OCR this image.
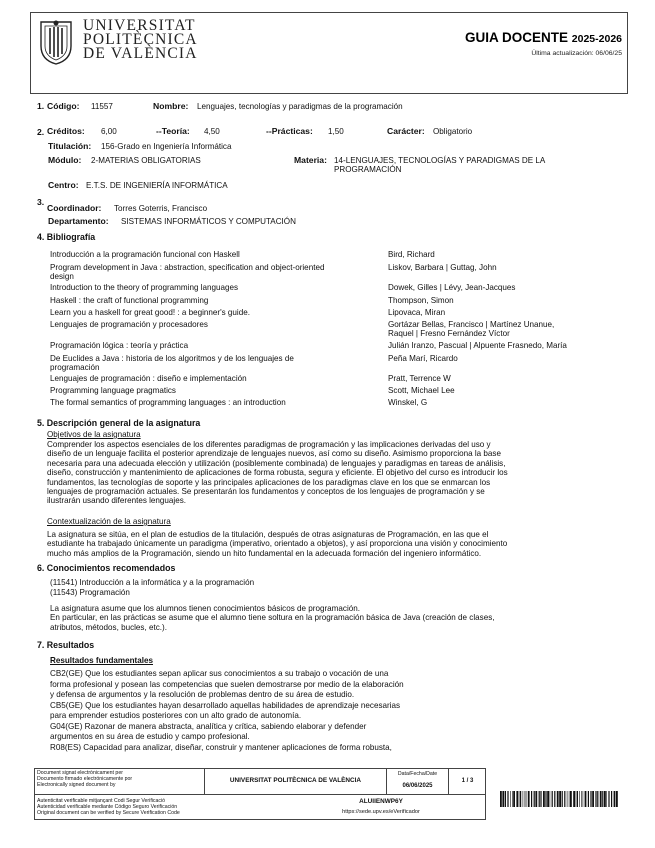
UNIVERSITAT
POLITÈCNICA
DE VALÈNCIA
GUIA DOCENTE 2025-2026
Última actualización: 06/06/25
1. Código: 11557	Nombre: Lenguajes, tecnologías y paradigmas de la programación
2. Créditos: 6,00	--Teoría: 4,50	--Prácticas: 1,50	Carácter: Obligatorio
Titulación: 156-Grado en Ingeniería Informática
Módulo: 2-MATERIAS OBLIGATORIAS	Materia: 14-LENGUAJES, TECNOLOGÍAS Y PARADIGMAS DE LA
PROGRAMACIÓN
Centro: E.T.S. DE INGENIERÍA INFORMÁTICA
3.
Coordinador: Torres Goterris, Francisco
Departamento: SISTEMAS INFORMÁTICOS Y COMPUTACIÓN
4. Bibliografía
Introducción a la programación funcional con Haskell	Bird, Richard
Program development in Java : abstraction, specification and object-oriented
design
Liskov, Barbara | Guttag, John
Introduction to the theory of programming languages	Dowek, Gilles | Lévy, Jean-Jacques
Haskell : the craft of functional programming	Thompson, Simon
Learn you a haskell for great good! : a beginner's guide.	Lipovaca, Miran
Lenguajes de programación y procesadores	Gortázar Bellas, Francisco | Martínez Unanue,
Raquel | Fresno Fernández Víctor
Programación lógica : teoría y práctica	Julián Iranzo, Pascual | Alpuente Frasnedo, María
De Euclides a Java : historia de los algoritmos y de los lenguajes de
programación
Peña Marí, Ricardo
Lenguajes de programación : diseño e implementación	Pratt, Terrence W
Programming language pragmatics	Scott, Michael Lee
The formal semantics of programming languages : an introduction	Winskel, G
5. Descripción general de la asignatura
Objetivos de la asignatura
Comprender los aspectos esenciales de los diferentes paradigmas de programación y las implicaciones derivadas del uso y
diseño de un lenguaje facilita el posterior aprendizaje de lenguajes nuevos, así como su diseño. Asimismo proporciona la base
necesaria para una adecuada elección y utilización (posiblemente combinada) de lenguajes y paradigmas en tareas de análisis,
diseño, construcción y mantenimiento de aplicaciones de forma robusta, segura y eficiente. El objetivo del curso es introducir los
fundamentos, las tecnologías de soporte y las principales aplicaciones de los paradigmas clave en los que se enmarcan los
lenguajes de programación actuales. Se presentarán los fundamentos y conceptos de los lenguajes de programación y se
ilustrarán usando diferentes lenguajes.
Contextualización de la asignatura
La asignatura se sitúa, en el plan de estudios de la titulación, después de otras asignaturas de Programación, en las que el
estudiante ha trabajado únicamente un paradigma (imperativo, orientado a objetos), y así proporciona una visión y conocimiento
mucho más amplios de la Programación, siendo un hito fundamental en la adecuada formación del ingeniero informático.
6. Conocimientos recomendados
(11541) Introducción a la informática y a la programación
(11543) Programación
La asignatura asume que los alumnos tienen conocimientos básicos de programación.
En particular, en las prácticas se asume que el alumno tiene soltura en la programación básica de Java (creación de clases,
atributos, métodos, bucles, etc.).
7. Resultados
Resultados fundamentales
CB2(GE) Que los estudiantes sepan aplicar sus conocimientos a su trabajo o vocación de una
forma profesional y posean las competencias que suelen demostrarse por medio de la elaboración
y defensa de argumentos y la resolución de problemas dentro de su área de estudio.
CB5(GE) Que los estudiantes hayan desarrollado aquellas habilidades de aprendizaje necesarias
para emprender estudios posteriores con un alto grado de autonomía.
G04(GE) Razonar de manera abstracta, analítica y crítica, sabiendo elaborar y defender
argumentos en su área de estudio y campo profesional.
R08(ES) Capacidad para analizar, diseñar, construir y mantener aplicaciones de forma robusta,
Document signat electrònicament per
Documento firmado electrónicamente por
Electronically signed document by
UNIVERSITAT POLITÈCNICA DE VALÈNCIA
Data/Fecha/Date
06/06/2025
1 / 3
Autenticitat verificable mitjançant Codi Segur Verificació
Autenticidad verificable mediante Código Seguro Verificación
Original document can be verified by Secure Verification Code
ALUIIENWP6Y
https://sede.upv.es/eVerificador
